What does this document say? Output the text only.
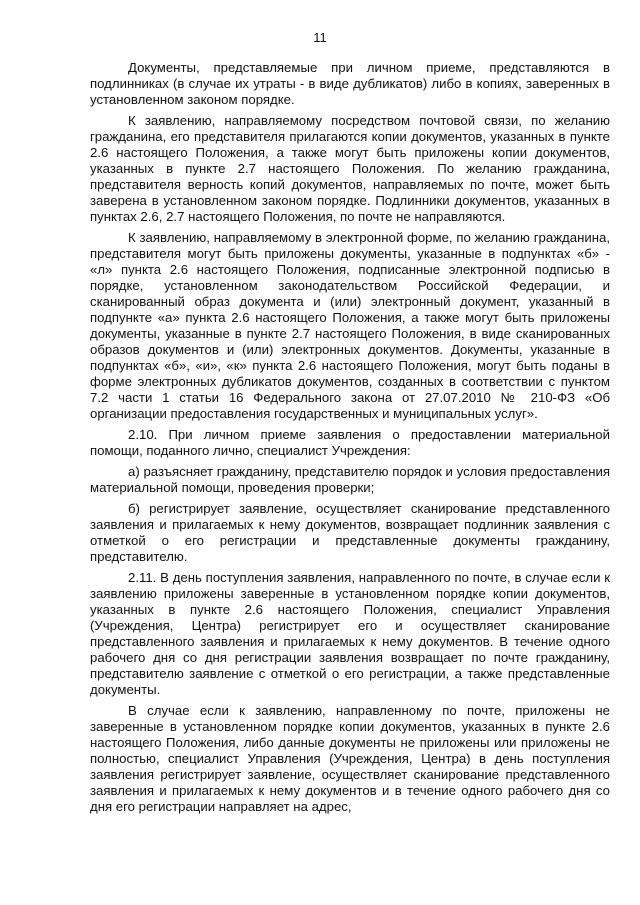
11

Документы, представляемые при личном приеме, представляются в подлинниках (в случае их утраты - в виде дубликатов) либо в копиях, заверенных в установленном законом порядке.

К заявлению, направляемому посредством почтовой связи, по желанию гражданина, его представителя прилагаются копии документов, указанных в пункте 2.6 настоящего Положения, а также могут быть приложены копии документов, указанных в пункте 2.7 настоящего Положения. По желанию гражданина, представителя верность копий документов, направляемых по почте, может быть заверена в установленном законом порядке. Подлинники документов, указанных в пунктах 2.6, 2.7 настоящего Положения, по почте не направляются.

К заявлению, направляемому в электронной форме, по желанию гражданина, представителя могут быть приложены документы, указанные в подпунктах «б» - «л» пункта 2.6 настоящего Положения, подписанные электронной подписью в порядке, установленном законодательством Российской Федерации, и сканированный образ документа и (или) электронный документ, указанный в подпункте «а» пункта 2.6 настоящего Положения, а также могут быть приложены документы, указанные в пункте 2.7 настоящего Положения, в виде сканированных образов документов и (или) электронных документов. Документы, указанные в подпунктах «б», «и», «к» пункта 2.6 настоящего Положения, могут быть поданы в форме электронных дубликатов документов, созданных в соответствии с пунктом 7.2 части 1 статьи 16 Федерального закона от 27.07.2010 № 210-ФЗ «Об организации предоставления государственных и муниципальных услуг».

2.10. При личном приеме заявления о предоставлении материальной помощи, поданного лично, специалист Учреждения:

а) разъясняет гражданину, представителю порядок и условия предоставления материальной помощи, проведения проверки;

б) регистрирует заявление, осуществляет сканирование представленного заявления и прилагаемых к нему документов, возвращает подлинник заявления с отметкой о его регистрации и представленные документы гражданину, представителю.

2.11. В день поступления заявления, направленного по почте, в случае если к заявлению приложены заверенные в установленном порядке копии документов, указанных в пункте 2.6 настоящего Положения, специалист Управления (Учреждения, Центра) регистрирует его и осуществляет сканирование представленного заявления и прилагаемых к нему документов. В течение одного рабочего дня со дня регистрации заявления возвращает по почте гражданину, представителю заявление с отметкой о его регистрации, а также представленные документы.

В случае если к заявлению, направленному по почте, приложены не заверенные в установленном порядке копии документов, указанных в пункте 2.6 настоящего Положения, либо данные документы не приложены или приложены не полностью, специалист Управления (Учреждения, Центра) в день поступления заявления регистрирует заявление, осуществляет сканирование представленного заявления и прилагаемых к нему документов и в течение одного рабочего дня со дня его регистрации направляет на адрес,
